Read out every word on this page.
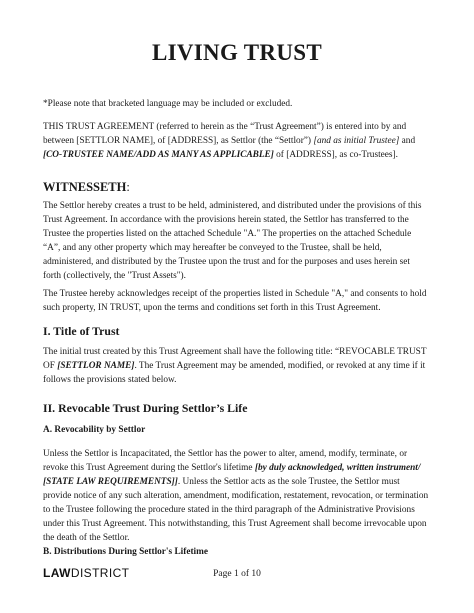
LIVING TRUST
*Please note that bracketed language may be included or excluded.
THIS TRUST AGREEMENT (referred to herein as the “Trust Agreement”) is entered into by and
between [SETTLOR NAME], of [ADDRESS], as Settlor (the “Settlor”) [and as initial Trustee] and
[CO-TRUSTEE NAME/ADD AS MANY AS APPLICABLE] of [ADDRESS], as co-Trustees].
WITNESSETH:
The Settlor hereby creates a trust to be held, administered, and distributed under the provisions of this
Trust Agreement. In accordance with the provisions herein stated, the Settlor has transferred to the
Trustee the properties listed on the attached Schedule "A." The properties on the attached Schedule
“A”, and any other property which may hereafter be conveyed to the Trustee, shall be held,
administered, and distributed by the Trustee upon the trust and for the purposes and uses herein set
forth (collectively, the "Trust Assets").
The Trustee hereby acknowledges receipt of the properties listed in Schedule "A," and consents to hold
such property, IN TRUST, upon the terms and conditions set forth in this Trust Agreement.
I. Title of Trust
The initial trust created by this Trust Agreement shall have the following title: “REVOCABLE TRUST
OF [SETTLOR NAME]. The Trust Agreement may be amended, modified, or revoked at any time if it
follows the provisions stated below.
II. Revocable Trust During Settlor’s Life
A. Revocability by Settlor
Unless the Settlor is Incapacitated, the Settlor has the power to alter, amend, modify, terminate, or
revoke this Trust Agreement during the Settlor's lifetime [by duly acknowledged, written instrument/
[STATE LAW REQUIREMENTS]]. Unless the Settlor acts as the sole Trustee, the Settlor must
provide notice of any such alteration, amendment, modification, restatement, revocation, or termination
to the Trustee following the procedure stated in the third paragraph of the Administrative Provisions
under this Trust Agreement. This notwithstanding, this Trust Agreement shall become irrevocable upon
the death of the Settlor.
B. Distributions During Settlor's Lifetime
LAWDISTRICT	Page 1 of 10
